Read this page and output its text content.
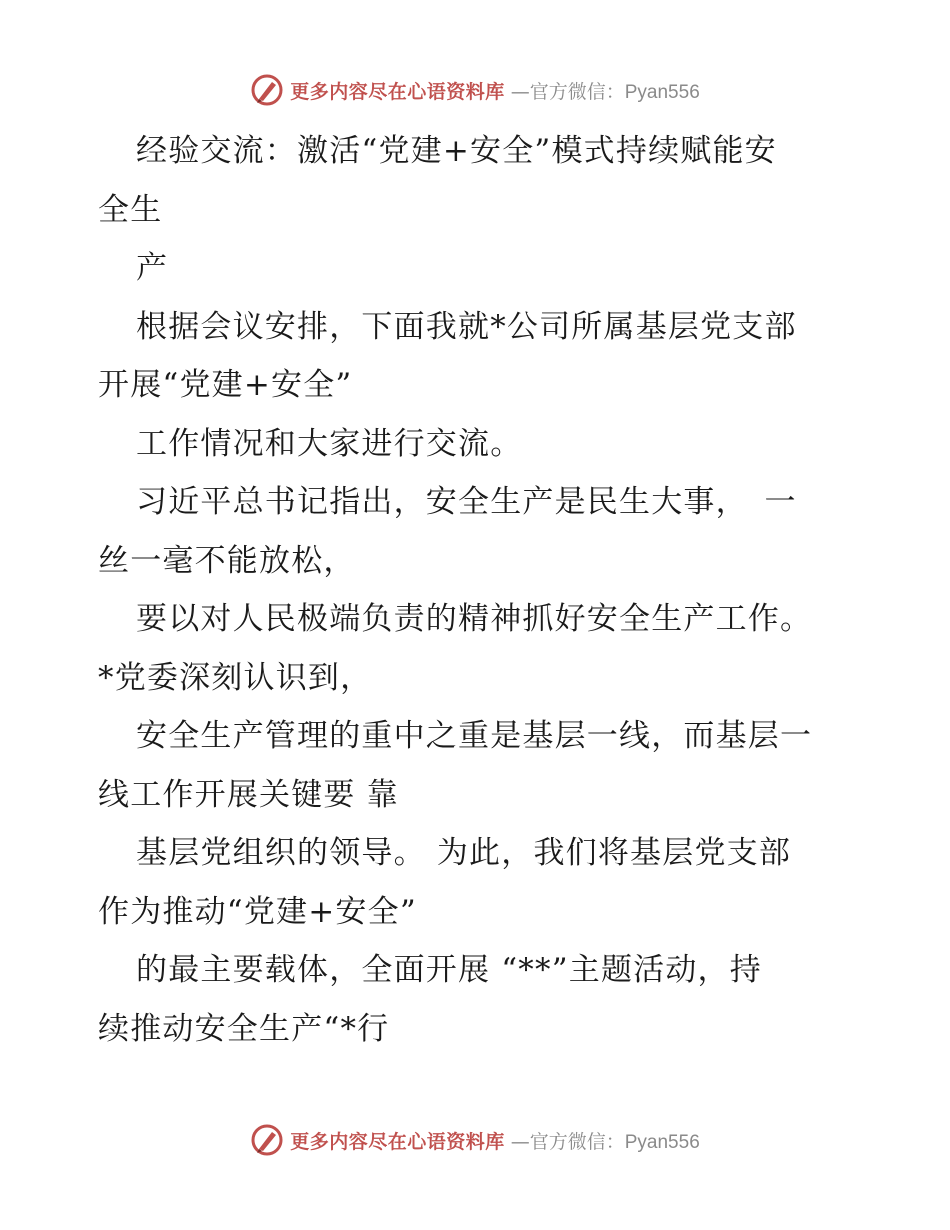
更多内容尽在心语资料库 —官方微信：Pyan556
经验交流：激活“党建+安全”模式持续赋能安
全生
产
根据会议安排，下面我就*公司所属基层党支部
开展“党建+安全”
工作情况和大家进行交流。
习近平总书记指出，安全生产是民生大事，　一
丝一毫不能放松，
要以对人民极端负责的精神抓好安全生产工作。
*党委深刻认识到，
安全生产管理的重中之重是基层一线，而基层一
线工作开展关键要 靠
基层党组织的领导。 为此，我们将基层党支部
作为推动“党建+安全”
的最主要载体，全面开展 “**”主题活动，持
续推动安全生产“*行
更多内容尽在心语资料库 —官方微信：Pyan556
